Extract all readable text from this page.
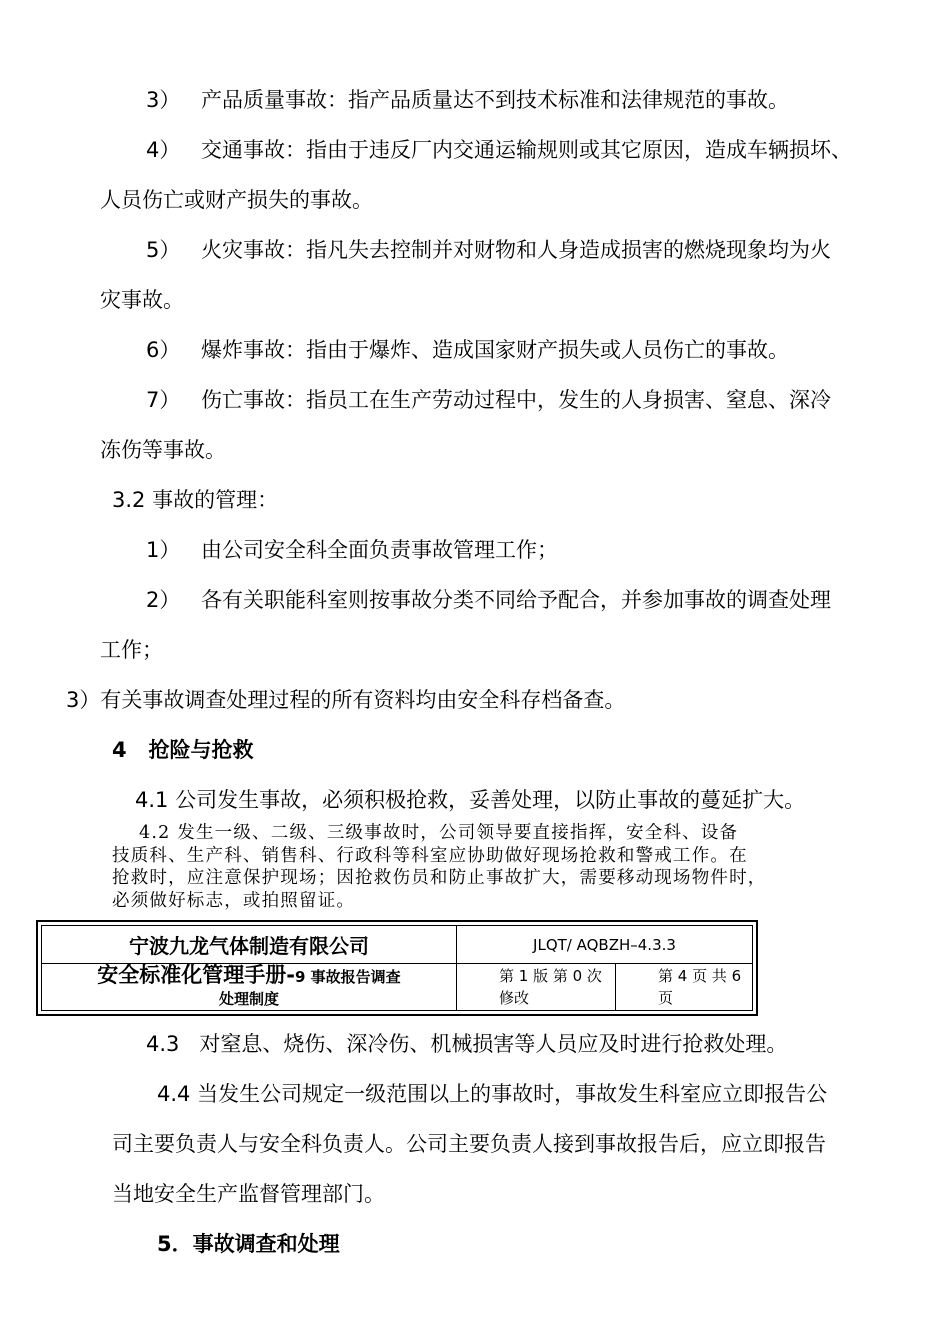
3） 产品质量事故：指产品质量达不到技术标准和法律规范的事故。
4） 交通事故：指由于违反厂内交通运输规则或其它原因，造成车辆损坏、
人员伤亡或财产损失的事故。
5） 火灾事故：指凡失去控制并对财物和人身造成损害的燃烧现象均为火
灾事故。
6） 爆炸事故：指由于爆炸、造成国家财产损失或人员伤亡的事故。
7） 伤亡事故：指员工在生产劳动过程中，发生的人身损害、窒息、深冷
冻伤等事故。
3.2 事故的管理：
1） 由公司安全科全面负责事故管理工作；
2） 各有关职能科室则按事故分类不同给予配合，并参加事故的调查处理
工作；
3）有关事故调查处理过程的所有资料均由安全科存档备查。
4   抢险与抢救
4.1 公司发生事故，必须积极抢救，妥善处理，以防止事故的蔓延扩大。
4.2 发生一级、二级、三级事故时，公司领导要直接指挥，安全科、设备
技质科、生产科、销售科、行政科等科室应协助做好现场抢救和警戒工作。在
抢救时，应注意保护现场；因抢救伤员和防止事故扩大，需要移动现场物件时，
必须做好标志，或拍照留证。
宁波九龙气体制造有限公司	JLQT/ AQBZH–4.3.3
安全标准化管理手册-9 事故报告调查
处理制度
第 1 版 第 0 次
修改
第 4 页 共 6
页
4.3   对窒息、烧伤、深冷伤、机械损害等人员应及时进行抢救处理。
4.4 当发生公司规定一级范围以上的事故时，事故发生科室应立即报告公
司主要负责人与安全科负责人。公司主要负责人接到事故报告后，应立即报告
当地安全生产监督管理部门。
5．事故调查和处理
